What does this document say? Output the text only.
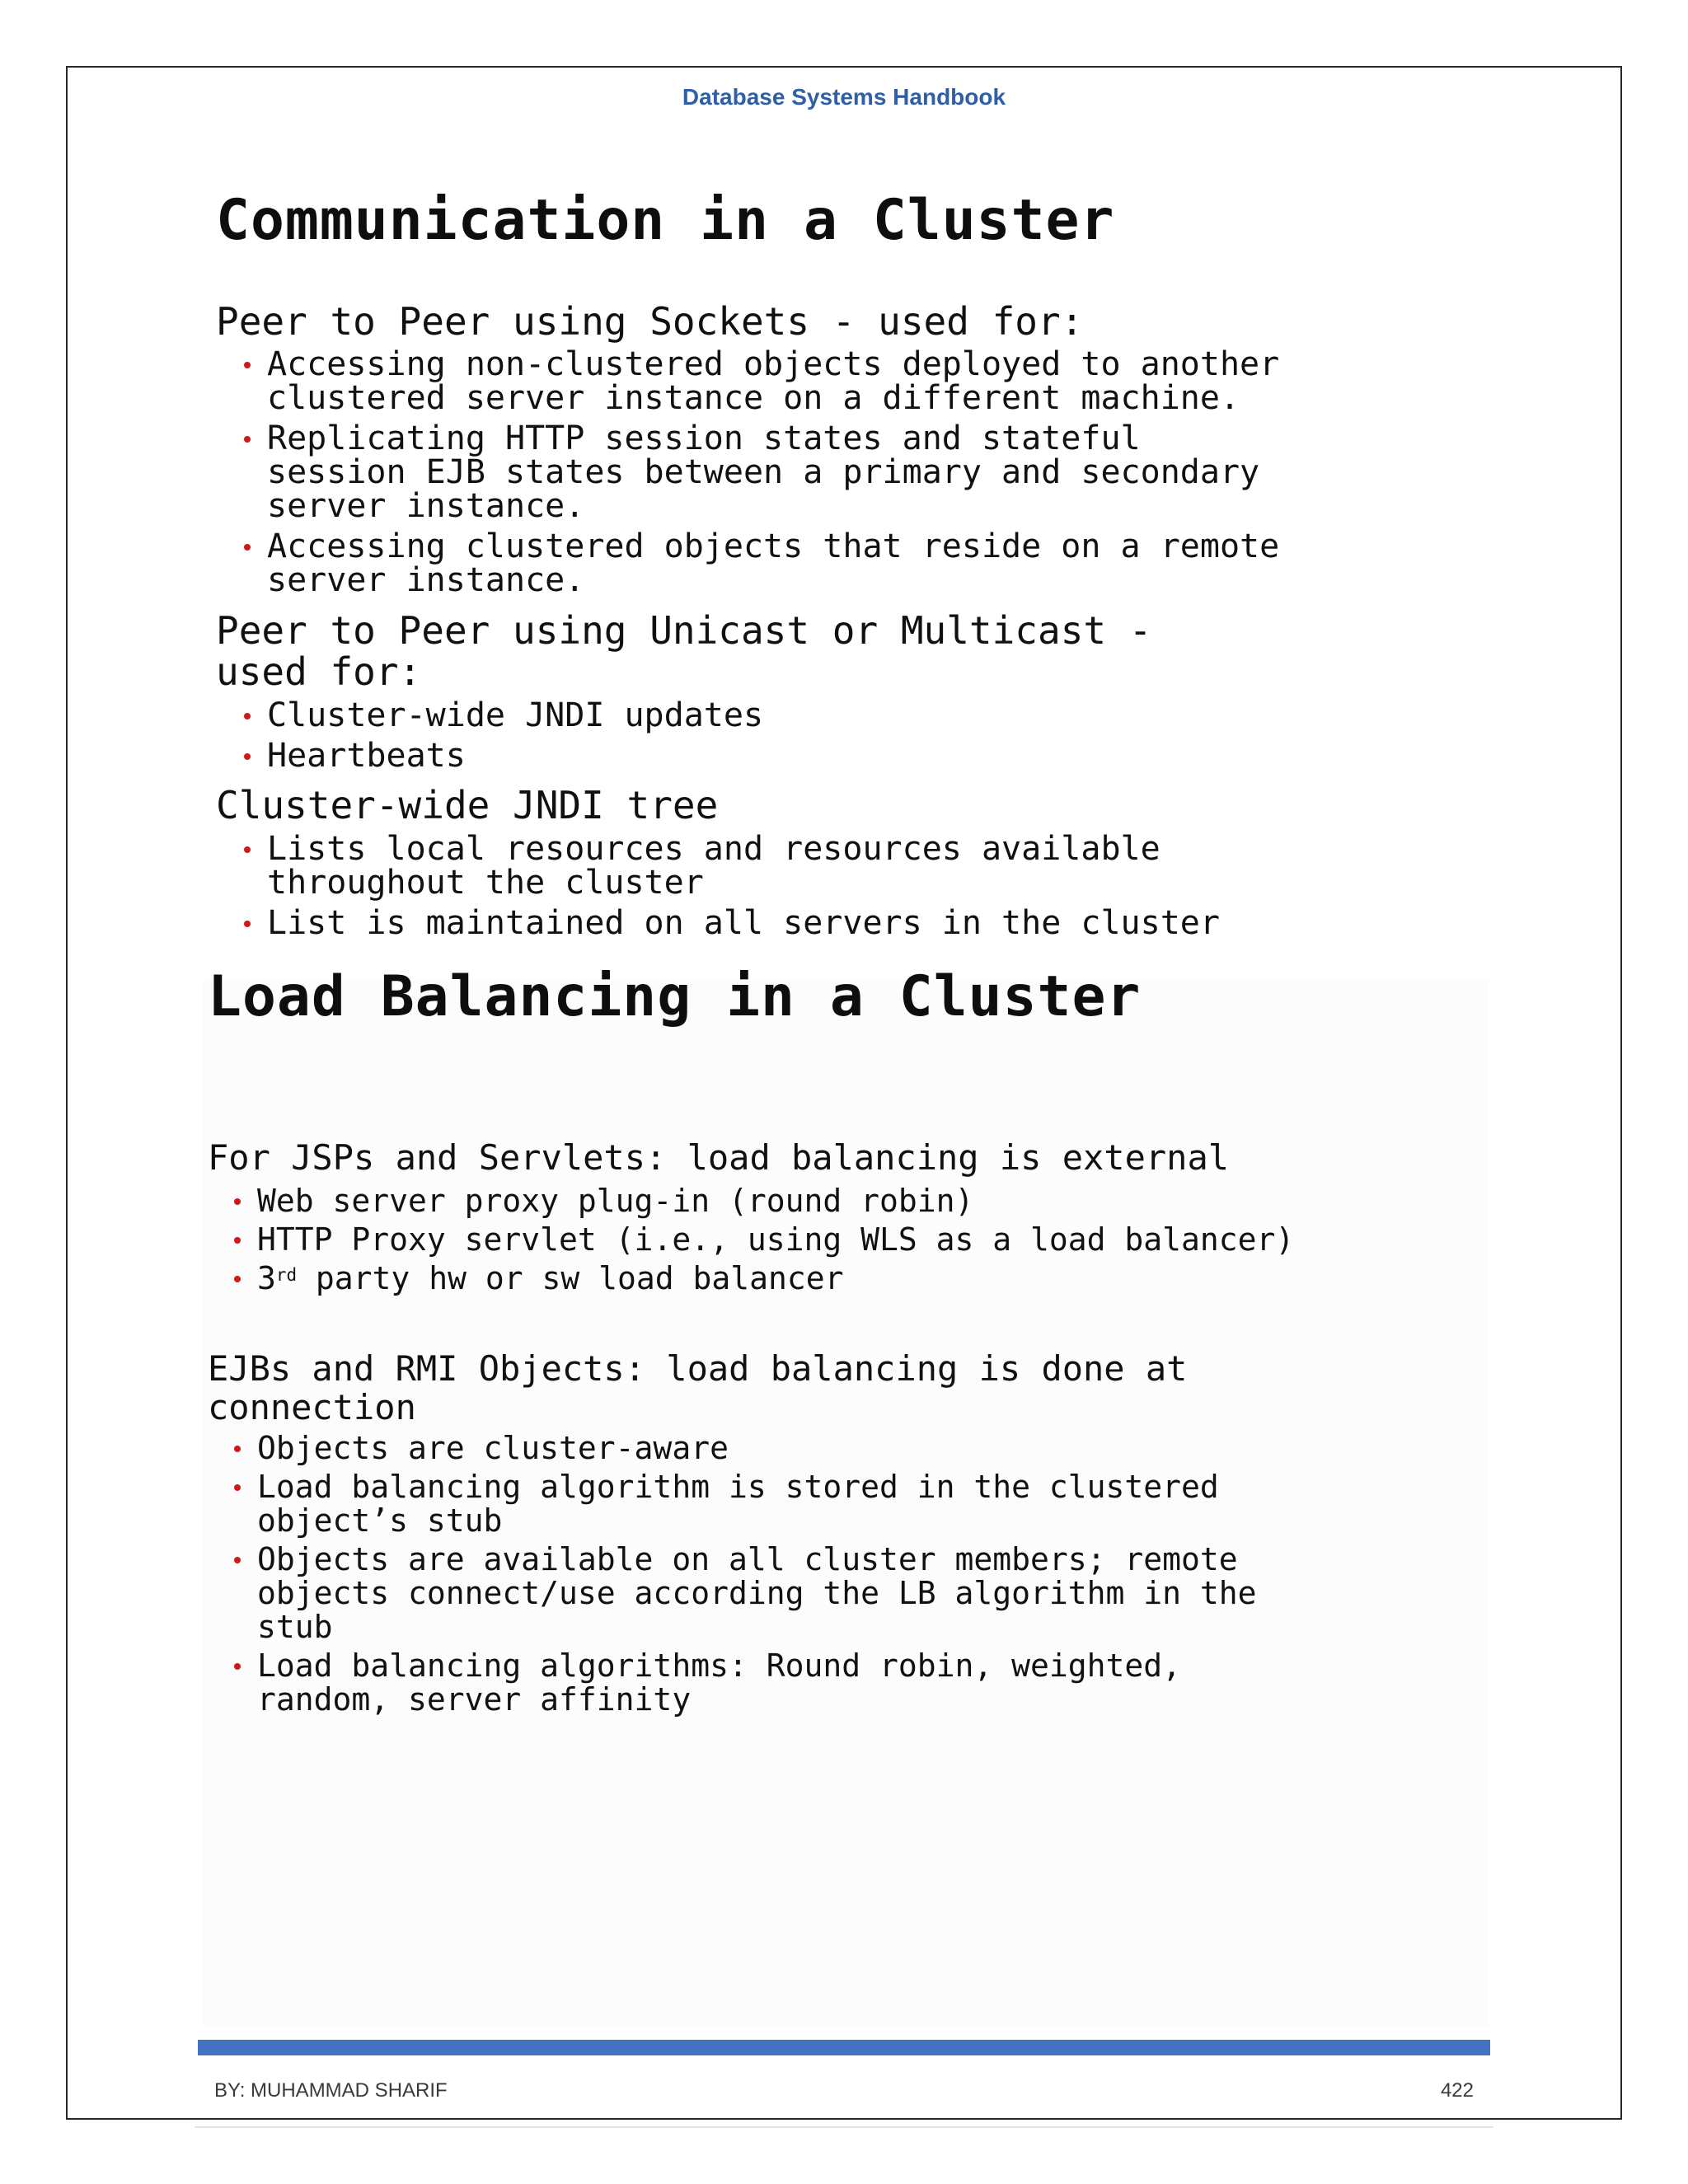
Database Systems Handbook
Communication in a Cluster
Peer to Peer using Sockets - used for:
Accessing non-clustered objects deployed to another
clustered server instance on a different machine.
Replicating HTTP session states and stateful
session EJB states between a primary and secondary
server instance.
Accessing clustered objects that reside on a remote
server instance.
Peer to Peer using Unicast or Multicast -
used for:
Cluster-wide JNDI updates
Heartbeats
Cluster-wide JNDI tree
Lists local resources and resources available
throughout the cluster
List is maintained on all servers in the cluster
Load Balancing in a Cluster
For JSPs and Servlets: load balancing is external
Web server proxy plug-in (round robin)
HTTP Proxy servlet (i.e., using WLS as a load balancer)
3rd party hw or sw load balancer
EJBs and RMI Objects: load balancing is done at
connection
Objects are cluster-aware
Load balancing algorithm is stored in the clustered
object’s stub
Objects are available on all cluster members; remote
objects connect/use according the LB algorithm in the
stub
Load balancing algorithms: Round robin, weighted,
random, server affinity
BY: MUHAMMAD SHARIF	422
